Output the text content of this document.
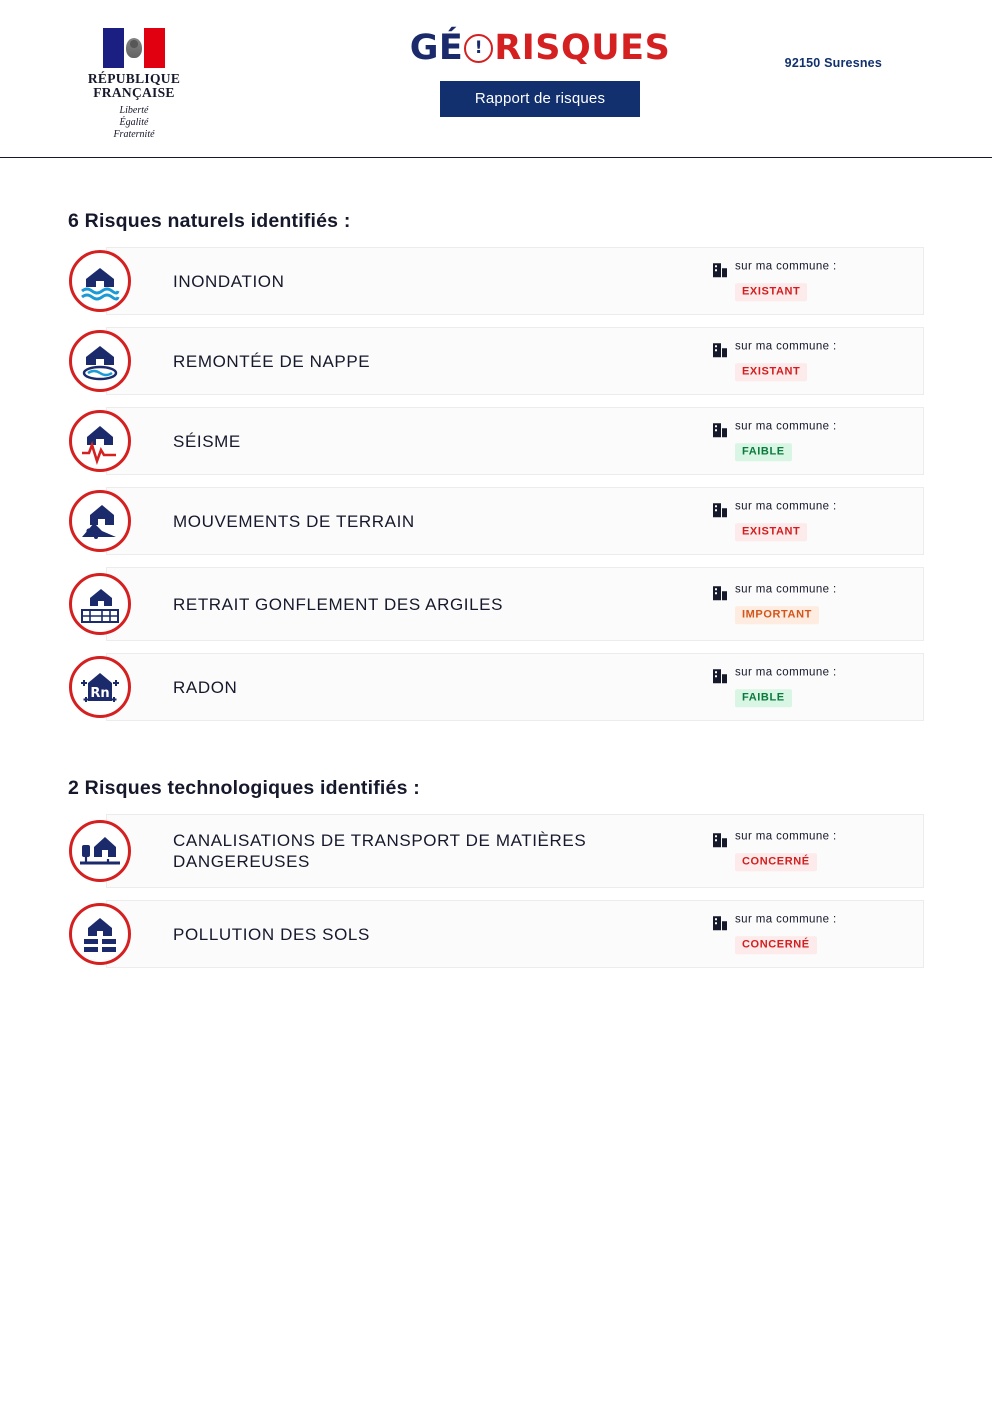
RÉPUBLIQUE
FRANÇAISE
Liberté
Égalité
Fraternité
GÉ ! RISQUES
Rapport de risques
92150 Suresnes
6 Risques naturels identifiés :
INONDATION
sur ma commune :
EXISTANT
REMONTÉE DE NAPPE
sur ma commune :
EXISTANT
SÉISME
sur ma commune :
FAIBLE
MOUVEMENTS DE TERRAIN
sur ma commune :
EXISTANT
RETRAIT GONFLEMENT DES ARGILES
sur ma commune :
IMPORTANT
Rn	RADON
sur ma commune :
FAIBLE
2 Risques technologiques identifiés :
CANALISATIONS DE TRANSPORT DE MATIÈRES DANGEREUSES
sur ma commune :
CONCERNÉ
POLLUTION DES SOLS
sur ma commune :
CONCERNÉ
